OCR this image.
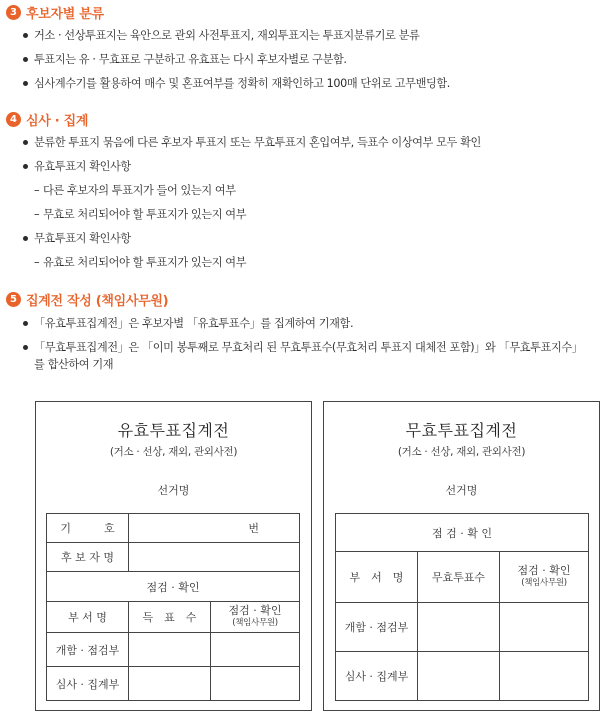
3 후보자별 분류
거소 · 선상투표지는 육안으로 관외 사전투표지, 재외투표지는 투표지분류기로 분류
투표지는 유 · 무효표로 구분하고 유효표는 다시 후보자별로 구분함.
심사계수기를 활용하여 매수 및 혼표여부를 정확히 재확인하고 100매 단위로 고무밴딩함.
4 심사 · 집계
분류한 투표지 묶음에 다른 후보자 투표지 또는 무효투표지 혼입여부, 득표수 이상여부 모두 확인
유효투표지 확인사항
– 다른 후보자의 투표지가 들어 있는지 여부
– 무효로 처리되어야 할 투표지가 있는지 여부
무효투표지 확인사항
– 유효로 처리되어야 할 투표지가 있는지 여부
5 집계전 작성 (책임사무원)
「유효투표집계전」은 후보자별 「유효투표수」를 집계하여 기재함.
「무효투표집계전」은 「이미 봉투째로 무효처리 된 무효투표수(무효처리 투표지 대체전 포함)」와 「무효투표지수」
를 합산하여 기재
유효투표집계전
(거소 · 선상, 재외, 관외사전)
선거명
기　　　호	번	
후 보 자 명		
점검 · 확인		
부 서 명	득　표　수	점검 · 확인
(책임사무원)

개함 · 점검부		
심사 · 집계부		
무효투표집계전
(거소 · 선상, 재외, 관외사전)
선거명
점 검 · 확 인		
부　서　명	무효투표수	점검 · 확인
(책임사무원)

개함 · 점검부		
심사 · 집계부		
